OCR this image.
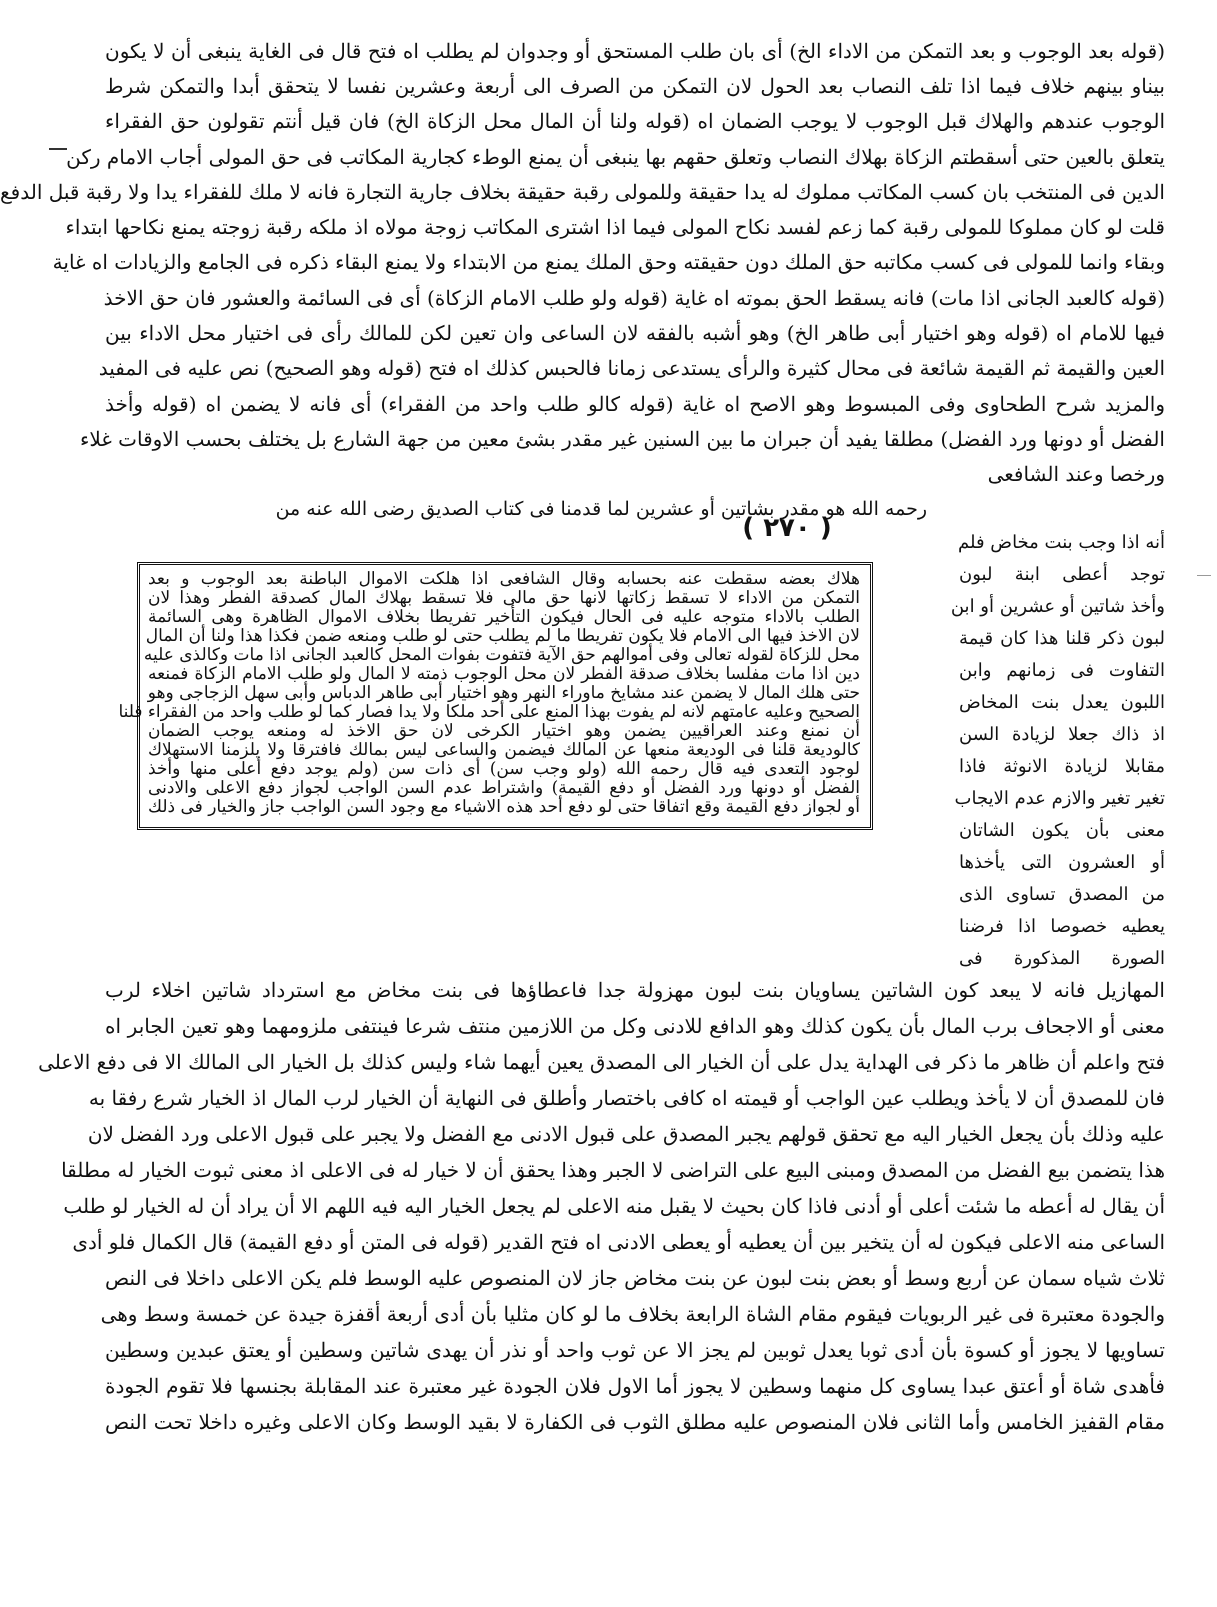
(قوله بعد الوجوب و بعد التمكن من الاداء الخ) أى بان طلب المستحق أو وجدوان لم يطلب اه فتح قال فى الغاية ينبغى أن لا يكون
بيناو بينهم خلاف فيما اذا تلف النصاب بعد الحول لان التمكن من الصرف الى أربعة وعشرين نفسا لا يتحقق أبدا والتمكن شرط
الوجوب عندهم والهلاك قبل الوجوب لا يوجب الضمان اه (قوله ولنا أن المال محل الزكاة الخ) فان قيل أنتم تقولون حق الفقراء
يتعلق بالعين حتى أسقطتم الزكاة بهلاك النصاب وتعلق حقهم بها ينبغى أن يمنع الوطء كجارية المكاتب فى حق المولى أجاب الامام ركن
الدين فى المنتخب بان كسب المكاتب مملوك له يدا حقيقة وللمولى رقبة حقيقة بخلاف جارية التجارة فانه لا ملك للفقراء يدا ولا رقبة قبل الدفع
قلت لو كان مملوكا للمولى رقبة كما زعم لفسد نكاح المولى فيما اذا اشترى المكاتب زوجة مولاه اذ ملكه رقبة زوجته يمنع نكاحها ابتداء
وبقاء وانما للمولى فى كسب مكاتبه حق الملك دون حقيقته وحق الملك يمنع من الابتداء ولا يمنع البقاء ذكره فى الجامع والزيادات اه غاية
(قوله كالعبد الجانى اذا مات) فانه يسقط الحق بموته اه غاية (قوله ولو طلب الامام الزكاة) أى فى السائمة والعشور فان حق الاخذ
فيها للامام اه (قوله وهو اختيار أبى طاهر الخ) وهو أشبه بالفقه لان الساعى وان تعين لكن للمالك رأى فى اختيار محل الاداء بين
العين والقيمة ثم القيمة شائعة فى محال كثيرة والرأى يستدعى زمانا فالحبس كذلك اه فتح (قوله وهو الصحيح) نص عليه فى المفيد
والمزيد شرح الطحاوى وفى المبسوط وهو الاصح اه غاية (قوله كالو طلب واحد من الفقراء) أى فانه لا يضمن اه (قوله وأخذ
الفضل أو دونها ورد الفضل) مطلقا يفيد أن جبران ما بين السنين غير مقدر بشئ معين من جهة الشارع بل يختلف بحسب الاوقات غلاء
ورخصا وعند الشافعى
رحمه الله هو مقدر بشاتين أو عشرين لما قدمنا فى كتاب الصديق رضى الله عنه من
( ٢٧٠ )	أنه اذا وجب بنت مخاض فلم
توجد أعطى ابنة لبون
وأخذ شاتين أو عشرين أو ابن
لبون ذكر قلنا هذا كان قيمة
التفاوت فى زمانهم وابن
اللبون يعدل بنت المخاض
اذ ذاك جعلا لزيادة السن
مقابلا لزيادة الانوثة فاذا
تغير تغير والازم عدم الايجاب
معنى بأن يكون الشاتان
أو العشرون التى يأخذها
من المصدق تساوى الذى
يعطيه خصوصا اذا فرضنا
الصورة المذكورة فى
هلاك بعضه سقطت عنه بحسابه وقال الشافعى اذا هلكت الاموال الباطنة بعد الوجوب و بعد
التمكن من الاداء لا تسقط زكاتها لانها حق مالى فلا تسقط بهلاك المال كصدقة الفطر وهذا لان
الطلب بالاداء متوجه عليه فى الحال فيكون التأخير تفريطا بخلاف الاموال الظاهرة وهى السائمة
لان الاخذ فيها الى الامام فلا يكون تفريطا ما لم يطلب حتى لو طلب ومنعه ضمن فكذا هذا ولنا أن المال
محل للزكاة لقوله تعالى وفى أموالهم حق الآية فتفوت بفوات المحل كالعبد الجانى اذا مات وكالذى عليه
دين اذا مات مفلسا بخلاف صدقة الفطر لان محل الوجوب ذمته لا المال ولو طلب الامام الزكاة فمنعه
حتى هلك المال لا يضمن عند مشايخ ماوراء النهر وهو اختيار أبى طاهر الدباس وأبى سهل الزجاجى وهو
الصحيح وعليه عامتهم لانه لم يفوت بهذا المنع على أحد ملكا ولا يدا فصار كما لو طلب واحد من الفقراء فلنا
أن نمنع وعند العراقيين يضمن وهو اختيار الكرخى لان حق الاخذ له ومنعه يوجب الضمان
كالوديعة قلنا فى الوديعة منعها عن المالك فيضمن والساعى ليس بمالك فافترقا ولا يلزمنا الاستهلاك
لوجود التعدى فيه قال رحمه الله (ولو وجب سن) أى ذات سن (ولم يوجد دفع أعلى منها وأخذ
الفضل أو دونها ورد الفضل أو دفع القيمة) واشتراط عدم السن الواجب لجواز دفع الاعلى والادنى
أو لجواز دفع القيمة وقع اتفاقا حتى لو دفع أحد هذه الاشياء مع وجود السن الواجب جاز والخيار فى ذلك
المهازيل فانه لا يبعد كون الشاتين يساويان بنت لبون مهزولة جدا فاعطاؤها فى بنت مخاض مع استرداد شاتين اخلاء لرب
معنى أو الاجحاف برب المال بأن يكون كذلك وهو الدافع للادنى وكل من اللازمين منتف شرعا فينتفى ملزومهما وهو تعين الجابر اه
فتح واعلم أن ظاهر ما ذكر فى الهداية يدل على أن الخيار الى المصدق يعين أيهما شاء وليس كذلك بل الخيار الى المالك الا فى دفع الاعلى
فان للمصدق أن لا يأخذ ويطلب عين الواجب أو قيمته اه كافى باختصار وأطلق فى النهاية أن الخيار لرب المال اذ الخيار شرع رفقا به
عليه وذلك بأن يجعل الخيار اليه مع تحقق قولهم يجبر المصدق على قبول الادنى مع الفضل ولا يجبر على قبول الاعلى ورد الفضل لان
هذا يتضمن بيع الفضل من المصدق ومبنى البيع على التراضى لا الجبر وهذا يحقق أن لا خيار له فى الاعلى اذ معنى ثبوت الخيار له مطلقا
أن يقال له أعطه ما شئت أعلى أو أدنى فاذا كان بحيث لا يقبل منه الاعلى لم يجعل الخيار اليه فيه اللهم الا أن يراد أن له الخيار لو طلب
الساعى منه الاعلى فيكون له أن يتخير بين أن يعطيه أو يعطى الادنى اه فتح القدير (قوله فى المتن أو دفع القيمة) قال الكمال فلو أدى
ثلاث شياه سمان عن أربع وسط أو بعض بنت لبون عن بنت مخاض جاز لان المنصوص عليه الوسط فلم يكن الاعلى داخلا فى النص
والجودة معتبرة فى غير الربويات فيقوم مقام الشاة الرابعة بخلاف ما لو كان مثليا بأن أدى أربعة أقفزة جيدة عن خمسة وسط وهى
تساويها لا يجوز أو كسوة بأن أدى ثوبا يعدل ثوبين لم يجز الا عن ثوب واحد أو نذر أن يهدى شاتين وسطين أو يعتق عبدين وسطين
فأهدى شاة أو أعتق عبدا يساوى كل منهما وسطين لا يجوز أما الاول فلان الجودة غير معتبرة عند المقابلة بجنسها فلا تقوم الجودة
مقام القفيز الخامس وأما الثانى فلان المنصوص عليه مطلق الثوب فى الكفارة لا بقيد الوسط وكان الاعلى وغيره داخلا تحت النص
